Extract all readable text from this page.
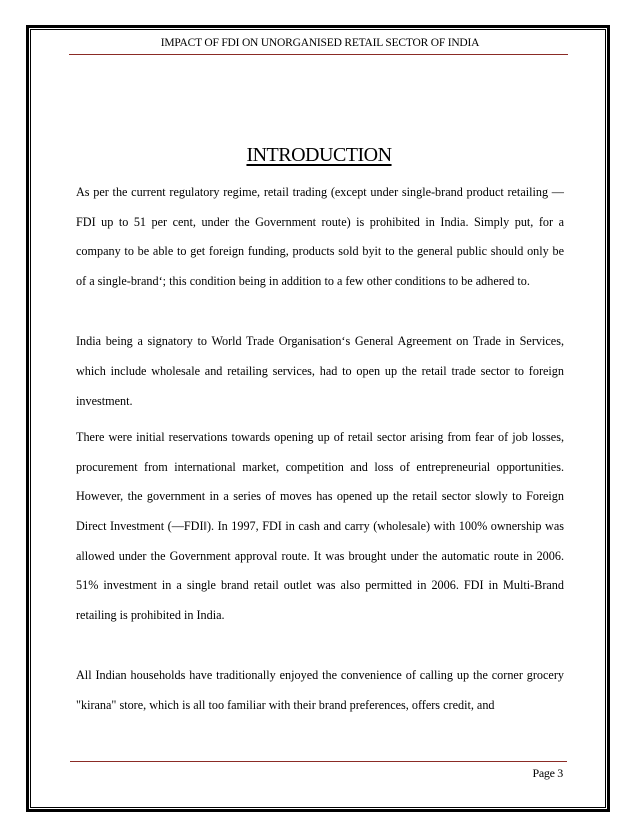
IMPACT OF FDI ON UNORGANISED RETAIL SECTOR OF INDIA
INTRODUCTION

As per the current regulatory regime, retail trading (except under single-brand product retailing — FDI up to 51 per cent, under the Government route) is prohibited in India. Simply put, for a company to be able to get foreign funding, products sold byit to the general public should only be of a single-brand‘; this condition being in addition to a few other conditions to be adhered to.

India being a signatory to World Trade Organisation‘s General Agreement on Trade in Services, which include wholesale and retailing services, had to open up the retail trade sector to foreign investment.

There were initial reservations towards opening up of retail sector arising from fear of job losses, procurement from international market, competition and loss of entrepreneurial opportunities. However, the government in a series of moves has opened up the retail sector slowly to Foreign Direct Investment (―FDI‖). In 1997, FDI in cash and carry (wholesale) with 100% ownership was allowed under the Government approval route. It was brought under the automatic route in 2006. 51% investment in a single brand retail outlet was also permitted in 2006. FDI in Multi-Brand retailing is prohibited in India.

All Indian households have traditionally enjoyed the convenience of calling up the corner grocery "kirana" store, which is all too familiar with their brand preferences, offers credit, and

Page 3
